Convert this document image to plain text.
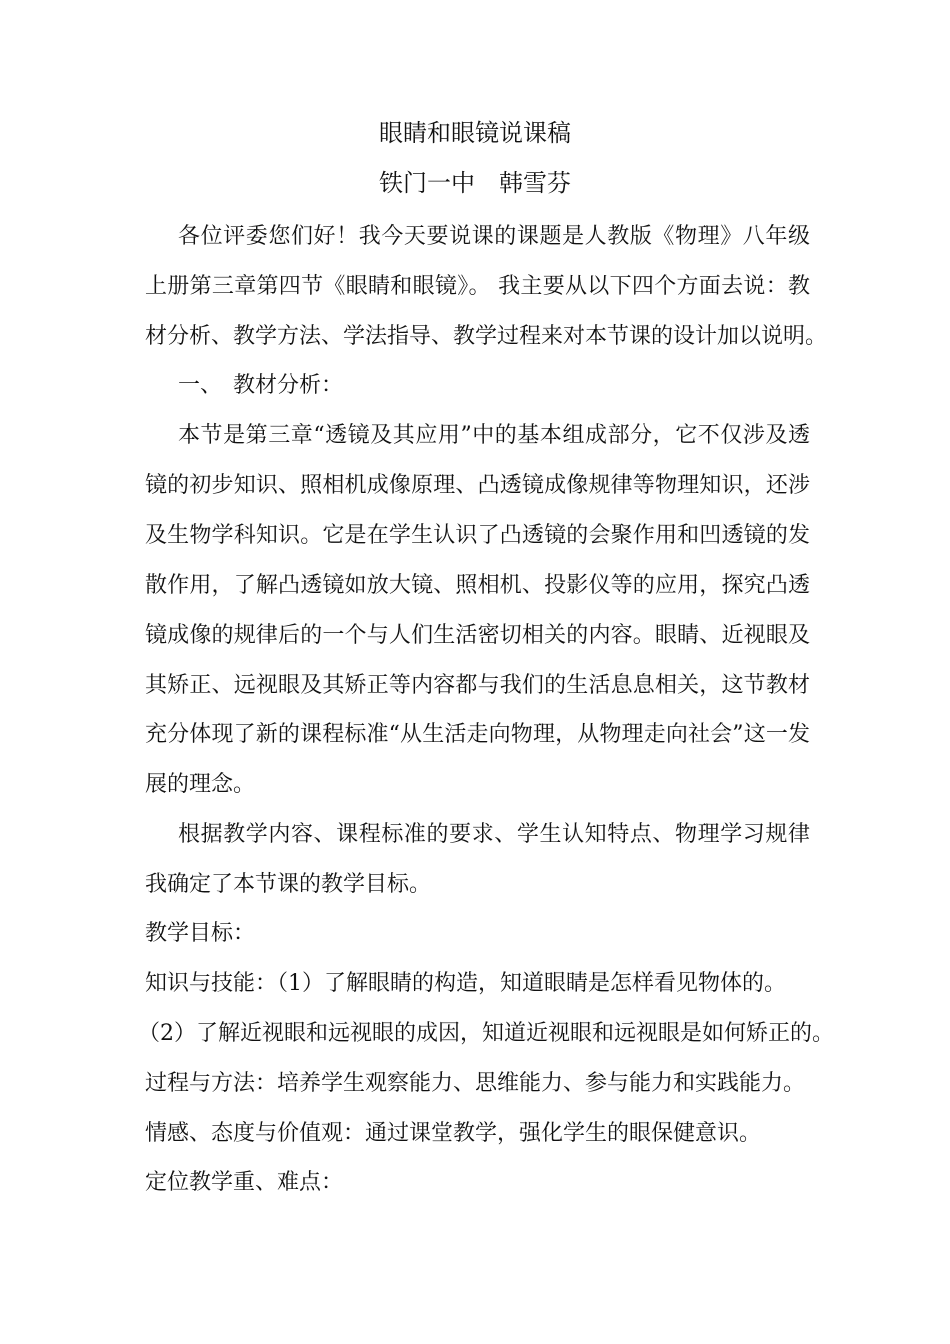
眼睛和眼镜说课稿
铁门一中　韩雪芬
各位评委您们好！我今天要说课的课题是人教版《物理》八年级
上册第三章第四节《眼睛和眼镜》。 我主要从以下四个方面去说：教
材分析、教学方法、学法指导、教学过程来对本节课的设计加以说明。
一、　教材分析：
本节是第三章“透镜及其应用”中的基本组成部分，它不仅涉及透
镜的初步知识、照相机成像原理、凸透镜成像规律等物理知识，还涉
及生物学科知识。它是在学生认识了凸透镜的会聚作用和凹透镜的发
散作用，了解凸透镜如放大镜、照相机、投影仪等的应用，探究凸透
镜成像的规律后的一个与人们生活密切相关的内容。眼睛、近视眼及
其矫正、远视眼及其矫正等内容都与我们的生活息息相关，这节教材
充分体现了新的课程标准“从生活走向物理，从物理走向社会”这一发
展的理念。
根据教学内容、课程标准的要求、学生认知特点、物理学习规律
我确定了本节课的教学目标。
教学目标：
知识与技能：（1）了解眼睛的构造，知道眼睛是怎样看见物体的。
（2）了解近视眼和远视眼的成因，知道近视眼和远视眼是如何矫正的。
过程与方法：培养学生观察能力、思维能力、参与能力和实践能力。
情感、态度与价值观：通过课堂教学，强化学生的眼保健意识。
定位教学重、难点：
